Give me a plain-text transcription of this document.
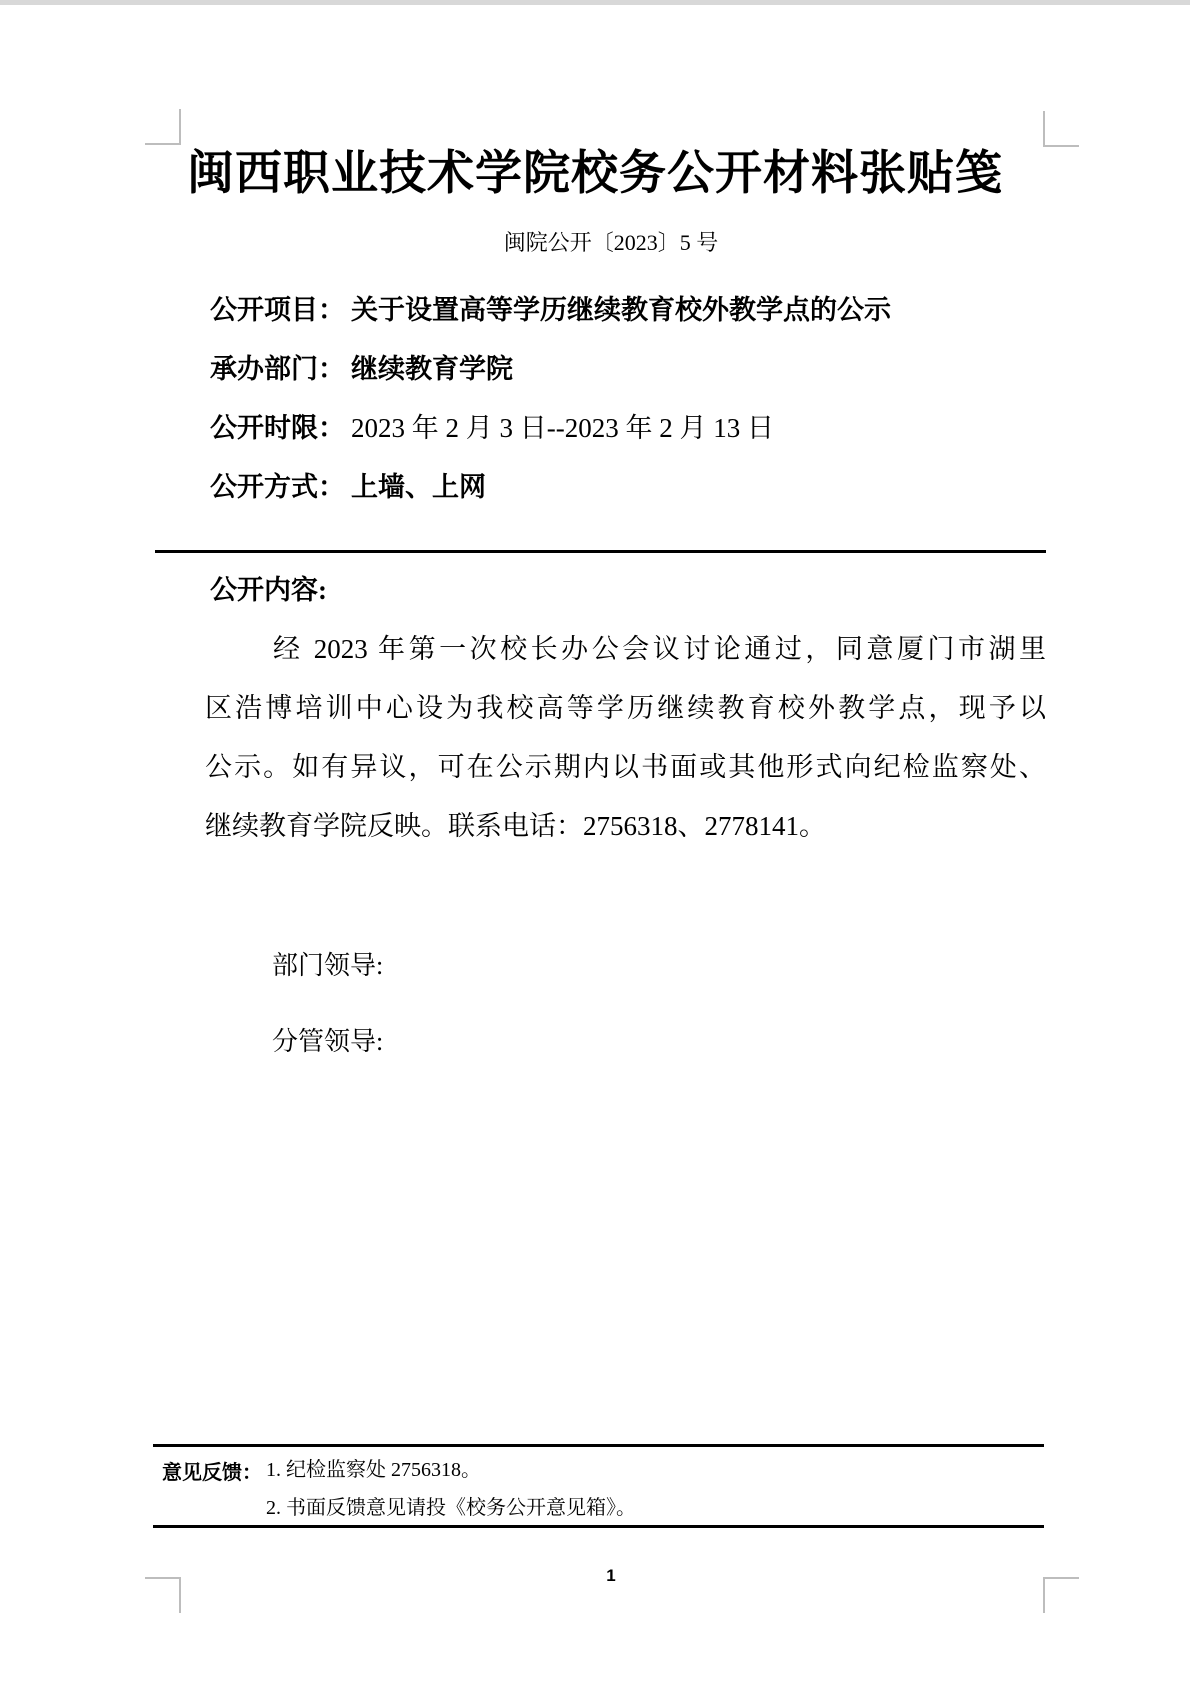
闽西职业技术学院校务公开材料张贴笺
闽院公开〔2023〕5 号
公开项目： 关于设置高等学历继续教育校外教学点的公示
承办部门： 继续教育学院
公开时限： 2023 年 2 月 3 日--2023 年 2 月 13 日
公开方式： 上墙、上网
公开内容:
经 2023 年第一次校长办公会议讨论通过，同意厦门市湖里
区浩博培训中心设为我校高等学历继续教育校外教学点，现予以
公示。如有异议，可在公示期内以书面或其他形式向纪检监察处、
继续教育学院反映。联系电话：2756318、2778141。
部门领导:
分管领导:
意见反馈： 1. 纪检监察处 2756318。
2. 书面反馈意见请投《校务公开意见箱》。
1
